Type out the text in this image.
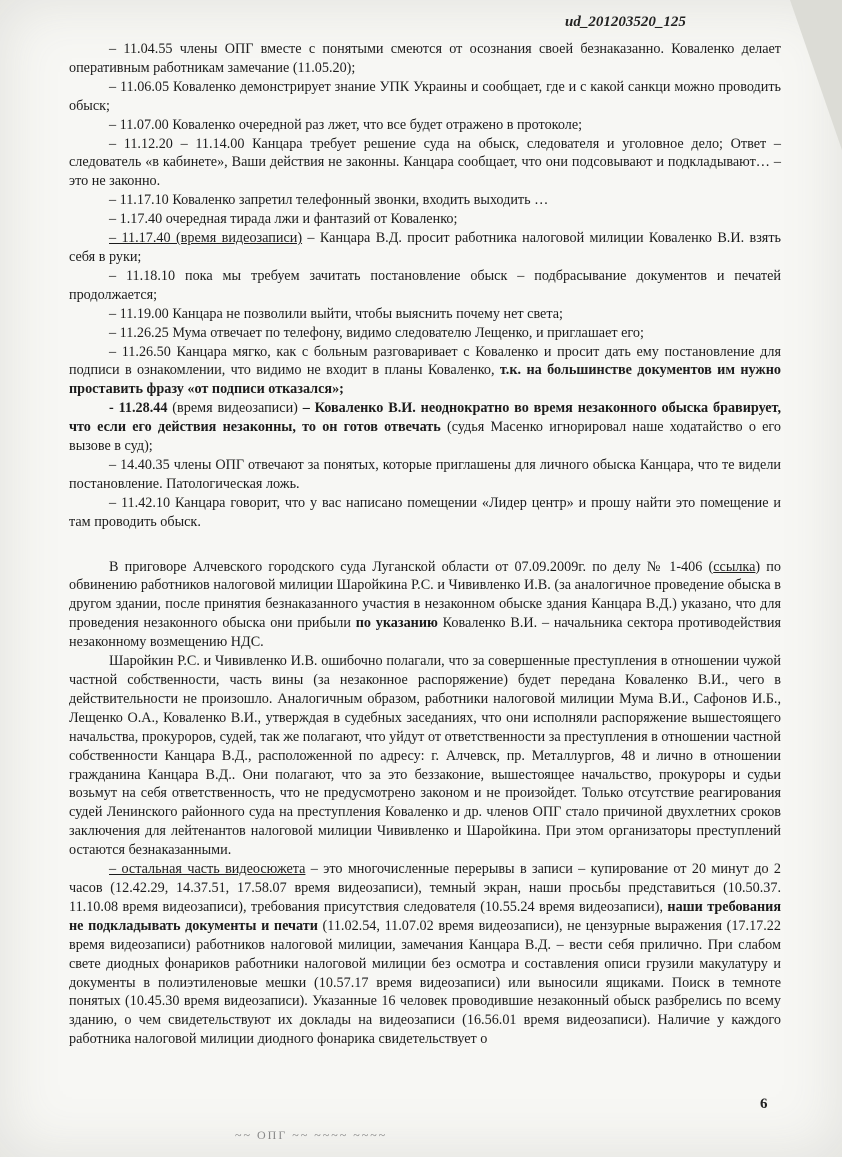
ud_201203520_125

– 11.04.55 члены ОПГ вместе с понятыми смеются от осознания своей безнаказанно. Коваленко делает оперативным работникам замечание (11.05.20);

– 11.06.05 Коваленко демонстрирует знание УПК Украины и сообщает, где и с какой санкци можно проводить обыск;

– 11.07.00 Коваленко очередной раз лжет, что все будет отражено в протоколе;

– 11.12.20 – 11.14.00 Канцара требует решение суда на обыск, следователя и уголовное дело; Ответ – следователь «в кабинете», Ваши действия не законны. Канцара сообщает, что они подсовывают и подкладывают… – это не законно.

– 11.17.10 Коваленко запретил телефонный звонки, входить выходить …

– 1.17.40 очередная тирада лжи и фантазий от Коваленко;

– 11.17.40 (время видеозаписи) – Канцара В.Д. просит работника налоговой милиции Коваленко В.И. взять себя в руки;

– 11.18.10 пока мы требуем зачитать постановление обыск – подбрасывание документов и печатей продолжается;

– 11.19.00 Канцара не позволили выйти, чтобы выяснить почему нет света;

– 11.26.25 Мума отвечает по телефону, видимо следователю Лещенко, и приглашает его;

– 11.26.50 Канцара мягко, как с больным разговаривает с Коваленко и просит дать ему постановление для подписи в ознакомлении, что видимо не входит в планы Коваленко, т.к. на большинстве документов им нужно проставить фразу «от подписи отказался»;

- 11.28.44 (время видеозаписи) – Коваленко В.И. неоднократно во время незаконного обыска бравирует, что если его действия незаконны, то он готов отвечать (судья Масенко игнорировал наше ходатайство о его вызове в суд);

– 14.40.35 члены ОПГ отвечают за понятых, которые приглашены для личного обыска Канцара, что те видели постановление. Патологическая ложь.

– 11.42.10 Канцара говорит, что у вас написано помещении «Лидер центр» и прошу найти это помещение и там проводить обыск.

В приговоре Алчевского городского суда Луганской области от 07.09.2009г. по делу № 1-406 (ссылка) по обвинению работников налоговой милиции Шаройкина Р.С. и Чививленко И.В. (за аналогичное проведение обыска в другом здании, после принятия безнаказанного участия в незаконном обыске здания Канцара В.Д.) указано, что для проведения незаконного обыска они прибыли по указанию Коваленко В.И. – начальника сектора противодействия незаконному возмещению НДС.

Шаройкин Р.С. и Чививленко И.В. ошибочно полагали, что за совершенные преступления в отношении чужой частной собственности, часть вины (за незаконное распоряжение) будет передана Коваленко В.И., чего в действительности не произошло. Аналогичным образом, работники налоговой милиции Мума В.И., Сафонов И.Б., Лещенко О.А., Коваленко В.И., утверждая в судебных заседаниях, что они исполняли распоряжение вышестоящего начальства, прокуроров, судей, так же полагают, что уйдут от ответственности за преступления в отношении частной собственности Канцара В.Д., расположенной по адресу: г. Алчевск, пр. Металлургов, 48 и лично в отношении гражданина Канцара В.Д.. Они полагают, что за это беззаконие, вышестоящее начальство, прокуроры и судьи возьмут на себя ответственность, что не предусмотрено законом и не произойдет. Только отсутствие реагирования судей Ленинского районного суда на преступления Коваленко и др. членов ОПГ стало причиной двухлетних сроков заключения для лейтенантов налоговой милиции Чививленко и Шаройкина. При этом организаторы преступлений остаются безнаказанными.

– остальная часть видеосюжета – это многочисленные перерывы в записи – купирование от 20 минут до 2 часов (12.42.29, 14.37.51, 17.58.07 время видеозаписи), темный экран, наши просьбы представиться (10.50.37. 11.10.08 время видеозаписи), требования присутствия следователя (10.55.24 время видеозаписи), наши требования не подкладывать документы и печати (11.02.54, 11.07.02 время видеозаписи), не цензурные выражения (17.17.22 время видеозаписи) работников налоговой милиции, замечания Канцара В.Д. – вести себя прилично. При слабом свете диодных фонариков работники налоговой милиции без осмотра и составления описи грузили макулатуру и документы в полиэтиленовые мешки (10.57.17 время видеозаписи) или выносили ящиками. Поиск в темноте понятых (10.45.30 время видеозаписи). Указанные 16 человек проводившие незаконный обыск разбрелись по всему зданию, о чем свидетельствуют их доклады на видеозаписи (16.56.01 время видеозаписи). Наличие у каждого работника налоговой милиции диодного фонарика свидетельствует о

6
~~ ОПГ ~~ ~~~~ ~~~~
